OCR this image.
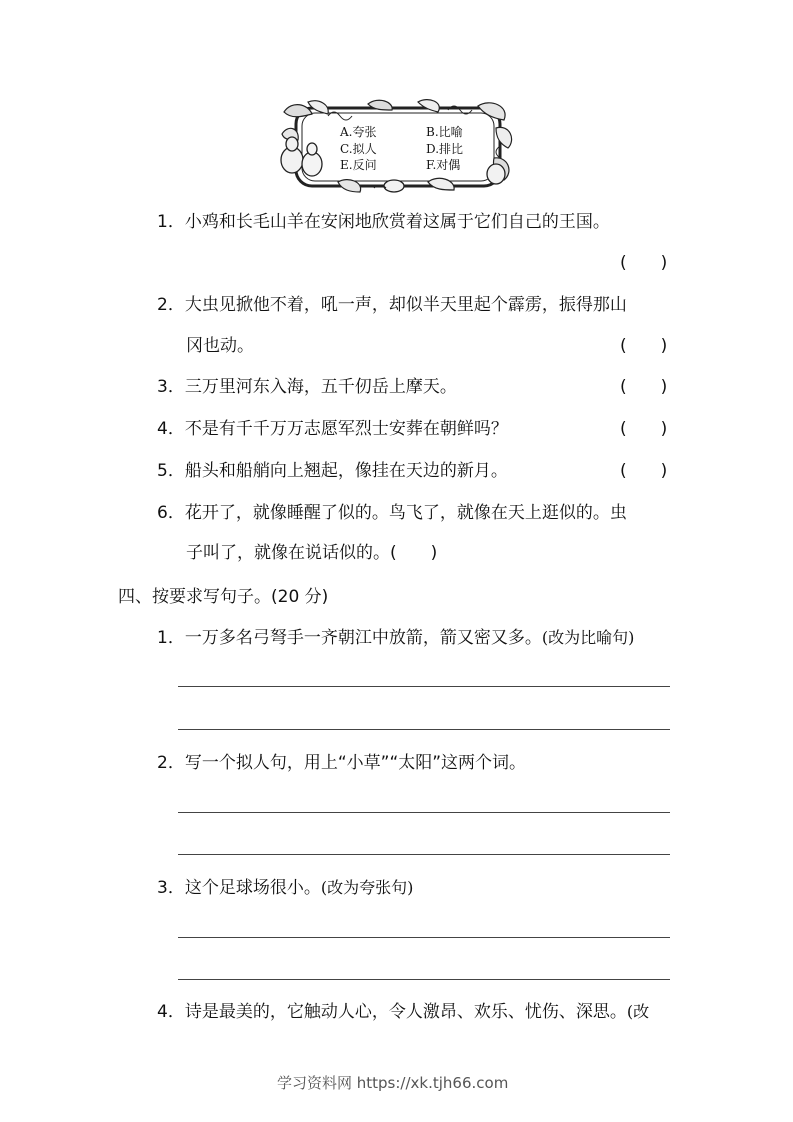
A.夸张	B.比喻
C.拟人	D.排比
E.反问	F.对偶
1．小鸡和长毛山羊在安闲地欣赏着这属于它们自己的王国。
(　　)
2．大虫见掀他不着，吼一声，却似半天里起个霹雳，振得那山
冈也动。	(　　)
3．三万里河东入海，五千仞岳上摩天。	(　　)
4．不是有千千万万志愿军烈士安葬在朝鲜吗？	(　　)
5．船头和船艄向上翘起，像挂在天边的新月。	(　　)
6．花开了，就像睡醒了似的。鸟飞了，就像在天上逛似的。虫
子叫了，就像在说话似的。(　　)
四、按要求写句子。(20 分)
1．一万多名弓弩手一齐朝江中放箭，箭又密又多。(改为比喻句)
2．写一个拟人句，用上“小草”“太阳”这两个词。
3．这个足球场很小。(改为夸张句)
4．诗是最美的，它触动人心，令人激昂、欢乐、忧伤、深思。(改
学习资料网 https://xk.tjh66.com
